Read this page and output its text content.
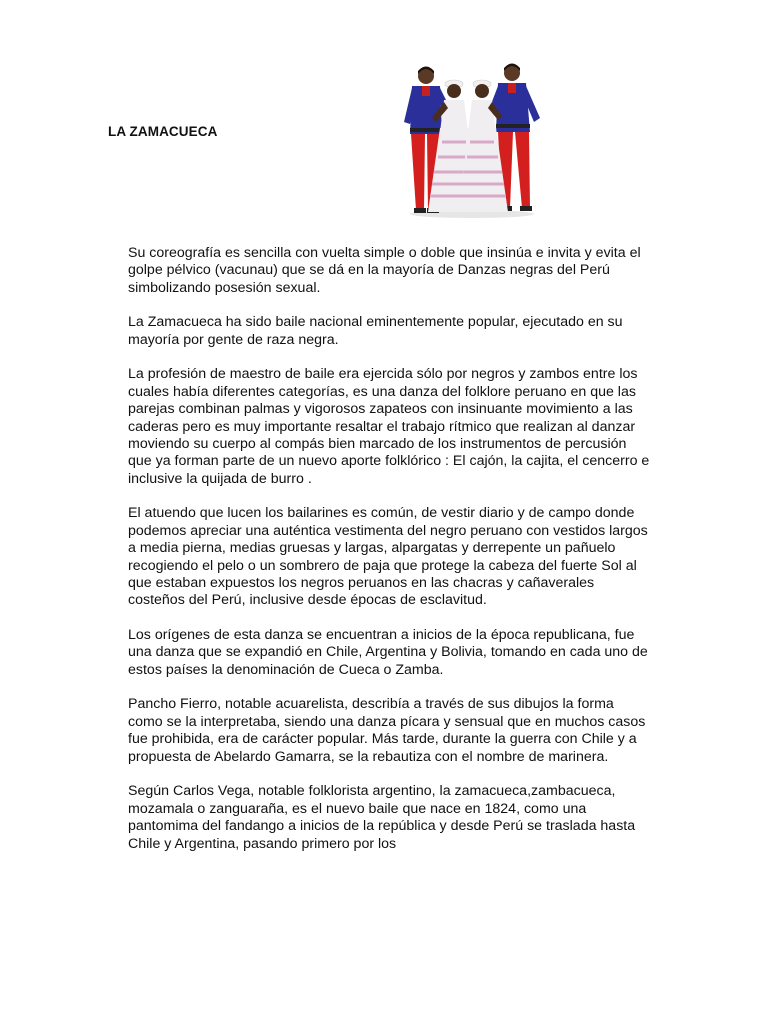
LA ZAMACUECA

Su coreografía es sencilla con vuelta simple o doble que insinúa e invita y evita el golpe pélvico (vacunau) que se dá en la mayoría de Danzas negras del Perú simbolizando posesión sexual.

La Zamacueca ha sido baile nacional eminentemente popular, ejecutado en su mayoría por gente de raza negra.

La profesión de maestro de baile era ejercida sólo por negros y zambos entre los cuales había diferentes categorías, es una danza del folklore peruano en que las parejas combinan palmas y vigorosos zapateos con insinuante movimiento a las caderas pero es muy importante resaltar el trabajo rítmico que realizan al danzar moviendo su cuerpo al compás bien marcado de los instrumentos de percusión que ya forman parte de un nuevo aporte folklórico : El cajón, la cajita, el cencerro e inclusive la quijada de burro .

El atuendo que lucen los bailarines es común, de vestir diario y de campo donde podemos apreciar una auténtica vestimenta del negro peruano con vestidos largos a media pierna, medias gruesas y largas, alpargatas y derrepente un pañuelo recogiendo el pelo o un sombrero de paja que protege la cabeza del fuerte Sol al que estaban expuestos los negros peruanos en las chacras y cañaverales costeños del Perú, inclusive desde épocas de esclavitud.

Los orígenes de esta danza se encuentran a inicios de la época republicana, fue una danza que se expandió en Chile, Argentina y Bolivia, tomando en cada uno de estos países la denominación de Cueca o Zamba.

Pancho Fierro, notable acuarelista, describía a través de sus dibujos la forma como se la interpretaba, siendo una danza pícara y sensual que en muchos casos fue prohibida, era de carácter popular. Más tarde, durante la guerra con Chile y a propuesta de Abelardo Gamarra, se la rebautiza con el nombre de marinera.

Según Carlos Vega, notable folklorista argentino, la zamacueca,zambacueca, mozamala o zanguaraña, es el nuevo baile que nace en 1824, como una pantomima del fandango a inicios de la república y desde Perú se traslada hasta Chile y Argentina, pasando primero por los
